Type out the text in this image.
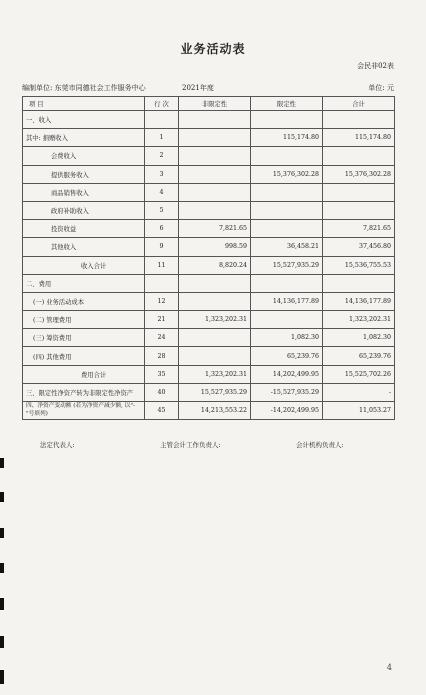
业务活动表
会民非02表
编制单位: 东莞市同德社会工作服务中心	2021年度	单位: 元
项 目	行 次	非限定性	限定性	合计
一、收入				
其中: 捐赠收入	1		115,174.80	115,174.80
会费收入	2			
提供服务收入	3		15,376,302.28	15,376,302.28
商品销售收入	4			
政府补助收入	5			
投资收益	6	7,821.65		7,821.65
其他收入	9	998.59	36,458.21	37,456.80
收入合计	11	8,820.24	15,527,935.29	15,536,755.53
二、费用				
(一) 业务活动成本	12		14,136,177.89	14,136,177.89
(二) 管理费用	21	1,323,202.31		1,323,202.31
(三) 筹资费用	24		1,082.30	1,082.30
(四) 其他费用	28		65,239.76	65,239.76
费用合计	35	1,323,202.31	14,202,499.95	15,525,702.26
三、限定性净资产转为非限定性净资产	40	15,527,935.29	-15,527,935.29	-
四、净资产变动额 (若为净资产减少额, 以"-"号填列)	45	14,213,553.22	-14,202,499.95	11,053.27
法定代表人:	主管会计工作负责人:	会计机构负责人:
4
